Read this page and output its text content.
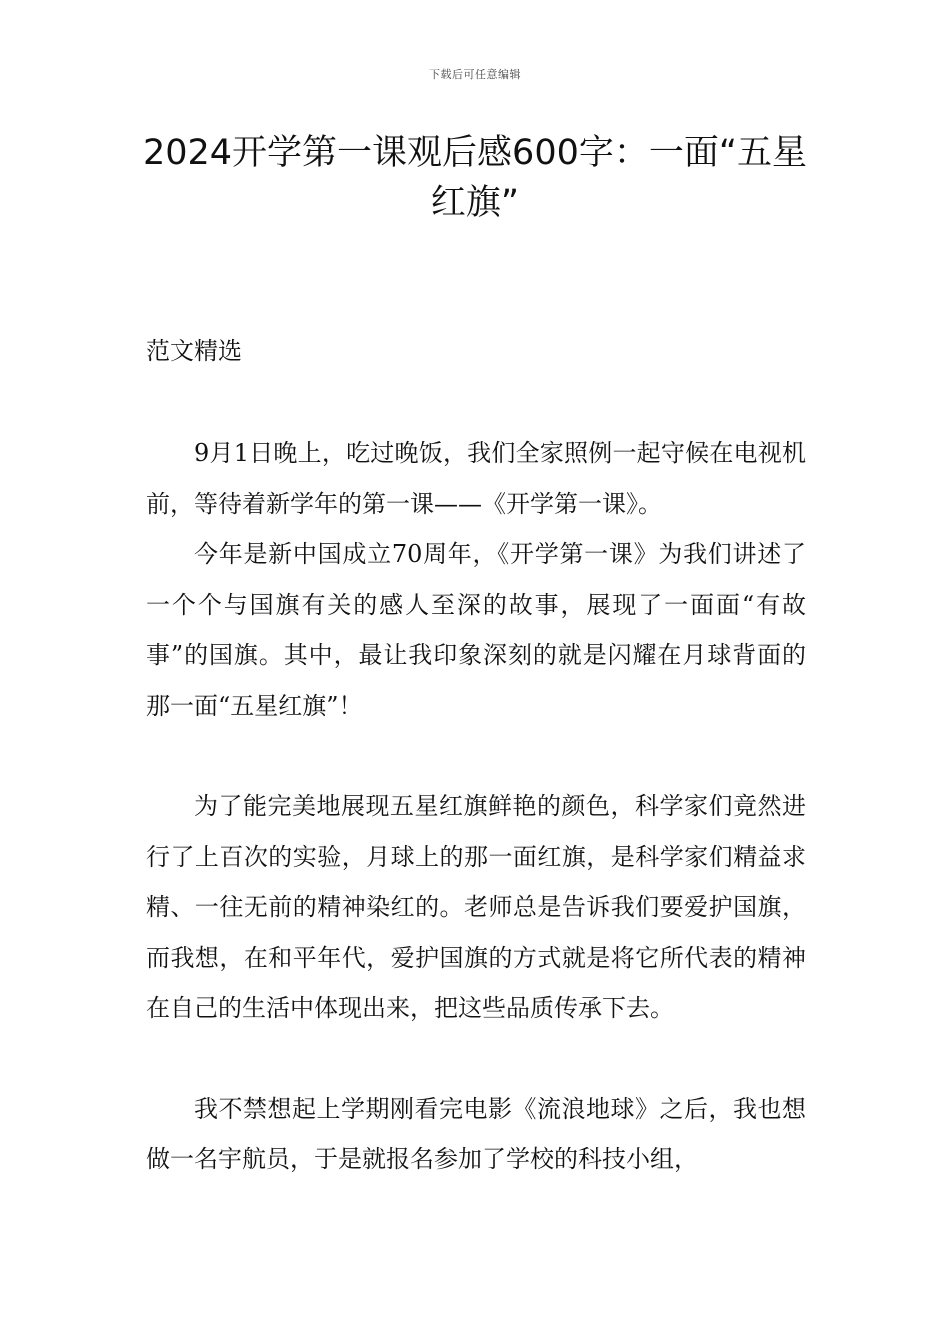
下载后可任意编辑
2024开学第一课观后感600字：一面“五星红旗”
范文精选

9月1日晚上，吃过晚饭，我们全家照例一起守候在电视机前，等待着新学年的第一课——《开学第一课》。

今年是新中国成立70周年，《开学第一课》为我们讲述了一个个与国旗有关的感人至深的故事，展现了一面面“有故事”的国旗。其中，最让我印象深刻的就是闪耀在月球背面的那一面“五星红旗”！

为了能完美地展现五星红旗鲜艳的颜色，科学家们竟然进行了上百次的实验，月球上的那一面红旗，是科学家们精益求精、一往无前的精神染红的。老师总是告诉我们要爱护国旗，而我想，在和平年代，爱护国旗的方式就是将它所代表的精神在自己的生活中体现出来，把这些品质传承下去。

我不禁想起上学期刚看完电影《流浪地球》之后，我也想做一名宇航员，于是就报名参加了学校的科技小组，
